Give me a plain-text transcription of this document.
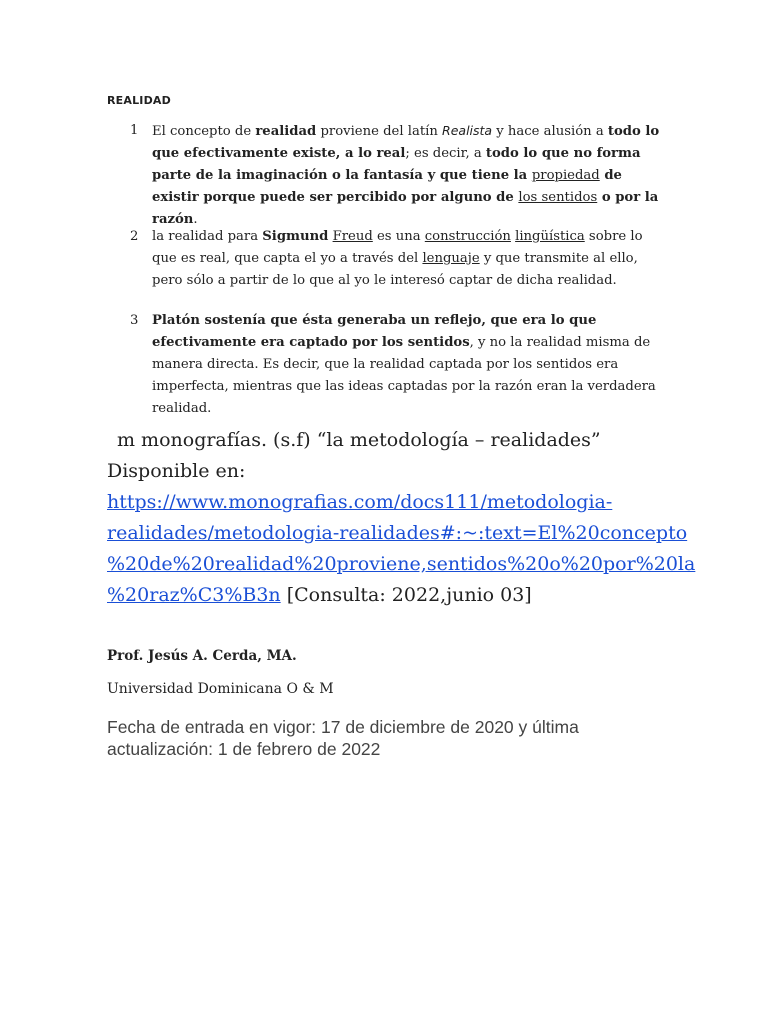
REALIDAD
1 El concepto de realidad proviene del latín Realista y hace alusión a todo lo que efectivamente existe, a lo real; es decir, a todo lo que no forma parte de la imaginación o la fantasía y que tiene la propiedad de existir porque puede ser percibido por alguno de los sentidos o por la razón.
2 la realidad para Sigmund Freud es una construcción lingüística sobre lo que es real, que capta el yo a través del lenguaje y que transmite al ello, pero sólo a partir de lo que al yo le interesó captar de dicha realidad.
3 Platón sostenía que ésta generaba un reflejo, que era lo que efectivamente era captado por los sentidos, y no la realidad misma de manera directa. Es decir, que la realidad captada por los sentidos era imperfecta, mientras que las ideas captadas por la razón eran la verdadera realidad.
m monografías. (s.f) “la metodología – realidades”
Disponible en:
https://www.monografias.com/docs111/metodologia-
realidades/metodologia-realidades#:~:text=El%20concepto
%20de%20realidad%20proviene,sentidos%20o%20por%20la
%20raz%C3%B3n [Consulta: 2022,junio 03]
Prof. Jesús A. Cerda, MA.
Universidad Dominicana O & M
Fecha de entrada en vigor: 17 de diciembre de 2020 y última actualización: 1 de febrero de 2022
